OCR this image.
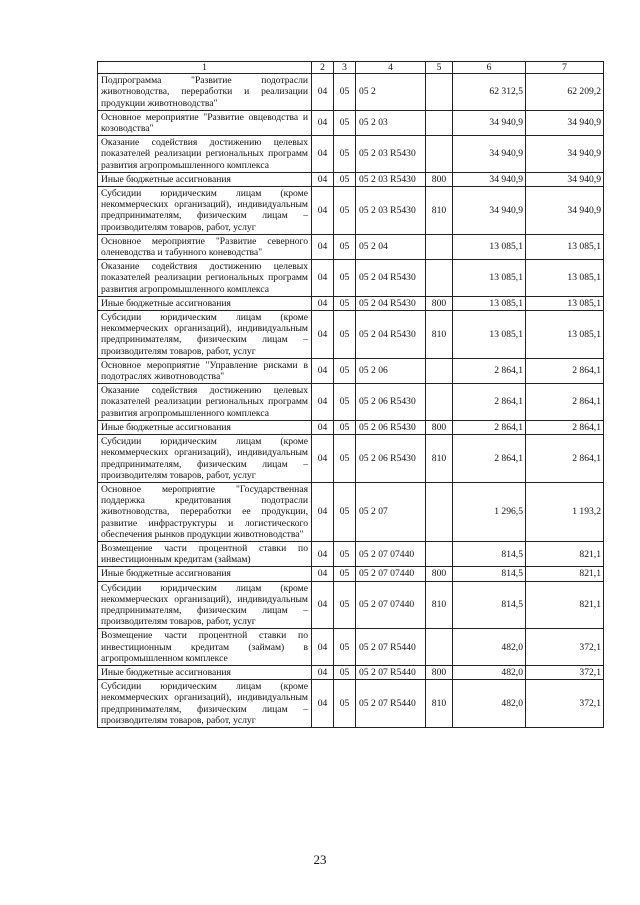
1	2	3	4	5	6	7
Подпрограмма "Развитие подотрасли животноводства, переработки и реализации продукции животноводства"	04	05	05 2		62 312,5	62 209,2
Основное мероприятие "Развитие овцеводства и козоводства"	04	05	05 2 03		34 940,9	34 940,9
Оказание содействия достижению целевых показателей реализации региональных программ развития агропромышленного комплекса	04	05	05 2 03 R5430		34 940,9	34 940,9
Иные бюджетные ассигнования	04	05	05 2 03 R5430	800	34 940,9	34 940,9
Субсидии юридическим лицам (кроме некоммерческих организаций), индивидуальным предпринимателям, физическим лицам – производителям товаров, работ, услуг	04	05	05 2 03 R5430	810	34 940,9	34 940,9
Основное мероприятие "Развитие северного оленеводства и табунного коневодства"	04	05	05 2 04		13 085,1	13 085,1
Оказание содействия достижению целевых показателей реализации региональных программ развития агропромышленного комплекса	04	05	05 2 04 R5430		13 085,1	13 085,1
Иные бюджетные ассигнования	04	05	05 2 04 R5430	800	13 085,1	13 085,1
Субсидии юридическим лицам (кроме некоммерческих организаций), индивидуальным предпринимателям, физическим лицам – производителям товаров, работ, услуг	04	05	05 2 04 R5430	810	13 085,1	13 085,1
Основное мероприятие "Управление рисками в подотраслях животноводства"	04	05	05 2 06		2 864,1	2 864,1
Оказание содействия достижению целевых показателей реализации региональных программ развития агропромышленного комплекса	04	05	05 2 06 R5430		2 864,1	2 864,1
Иные бюджетные ассигнования	04	05	05 2 06 R5430	800	2 864,1	2 864,1
Субсидии юридическим лицам (кроме некоммерческих организаций), индивидуальным предпринимателям, физическим лицам – производителям товаров, работ, услуг	04	05	05 2 06 R5430	810	2 864,1	2 864,1
Основное мероприятие "Государственная поддержка кредитования подотрасли животноводства, переработки ее продукции, развитие инфраструктуры и логистического обеспечения рынков продукции животноводства"	04	05	05 2 07		1 296,5	1 193,2
Возмещение части процентной ставки по инвестиционным кредитам (займам)	04	05	05 2 07 07440		814,5	821,1
Иные бюджетные ассигнования	04	05	05 2 07 07440	800	814,5	821,1
Субсидии юридическим лицам (кроме некоммерческих организаций), индивидуальным предпринимателям, физическим лицам – производителям товаров, работ, услуг	04	05	05 2 07 07440	810	814,5	821,1
Возмещение части процентной ставки по инвестиционным кредитам (займам) в агропромышленном комплексе	04	05	05 2 07 R5440		482,0	372,1
Иные бюджетные ассигнования	04	05	05 2 07 R5440	800	482,0	372,1
Субсидии юридическим лицам (кроме некоммерческих организаций), индивидуальным предпринимателям, физическим лицам – производителям товаров, работ, услуг	04	05	05 2 07 R5440	810	482,0	372,1
23
